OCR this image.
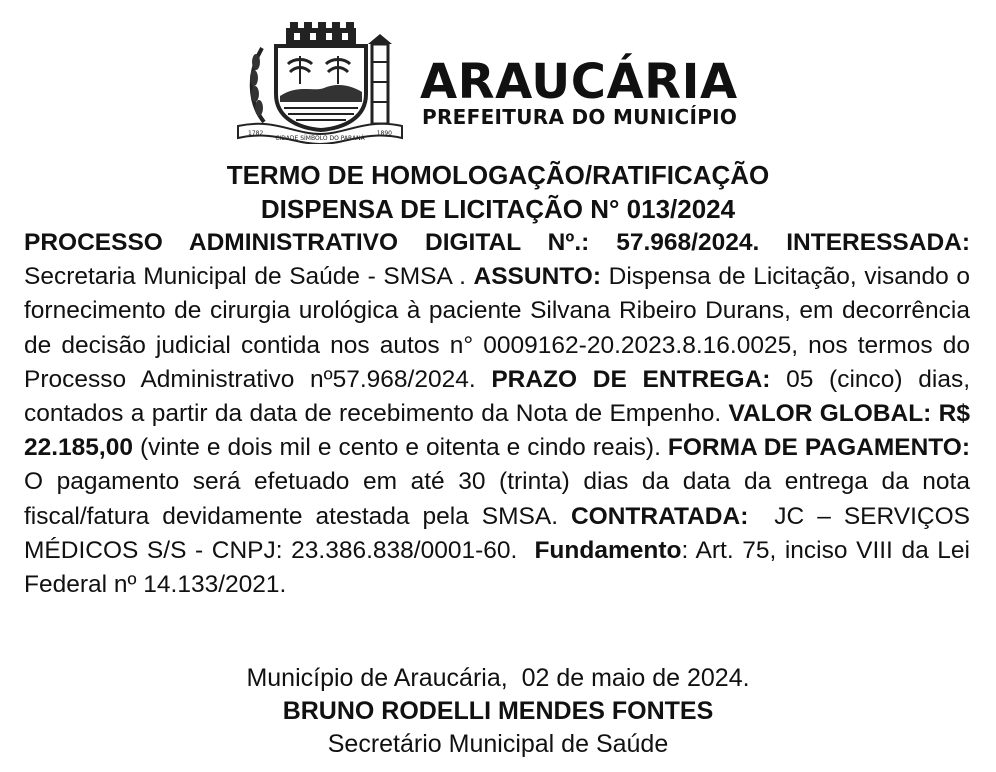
1782
CIDADE SÍMBOLO DO PARANÁ
1890
ARAUCÁRIA
PREFEITURA DO MUNICÍPIO
TERMO DE HOMOLOGAÇÃO/RATIFICAÇÃO
DISPENSA DE LICITAÇÃO N° 013/2024

PROCESSO ADMINISTRATIVO DIGITAL Nº.: 57.968/2024. INTERESSADA: Secretaria Municipal de Saúde - SMSA . ASSUNTO: Dispensa de Licitação, visando o fornecimento de cirurgia urológica à paciente Silvana Ribeiro Durans, em decorrência de decisão judicial contida nos autos n° 0009162-20.2023.8.16.0025, nos termos do Processo Administrativo nº57.968/2024. PRAZO DE ENTREGA: 05 (cinco) dias, contados a partir da data de recebimento da Nota de Empenho. VALOR GLOBAL: R$ 22.185,00 (vinte e dois mil e cento e oitenta e cindo reais). FORMA DE PAGAMENTO: O pagamento será efetuado em até 30 (trinta) dias da data da entrega da nota fiscal/fatura devidamente atestada pela SMSA. CONTRATADA:  JC – SERVIÇOS MÉDICOS S/S - CNPJ: 23.386.838/0001-60.  Fundamento: Art. 75, inciso VIII da Lei Federal nº 14.133/2021.

Município de Araucária,  02 de maio de 2024.
BRUNO RODELLI MENDES FONTES
Secretário Municipal de Saúde
